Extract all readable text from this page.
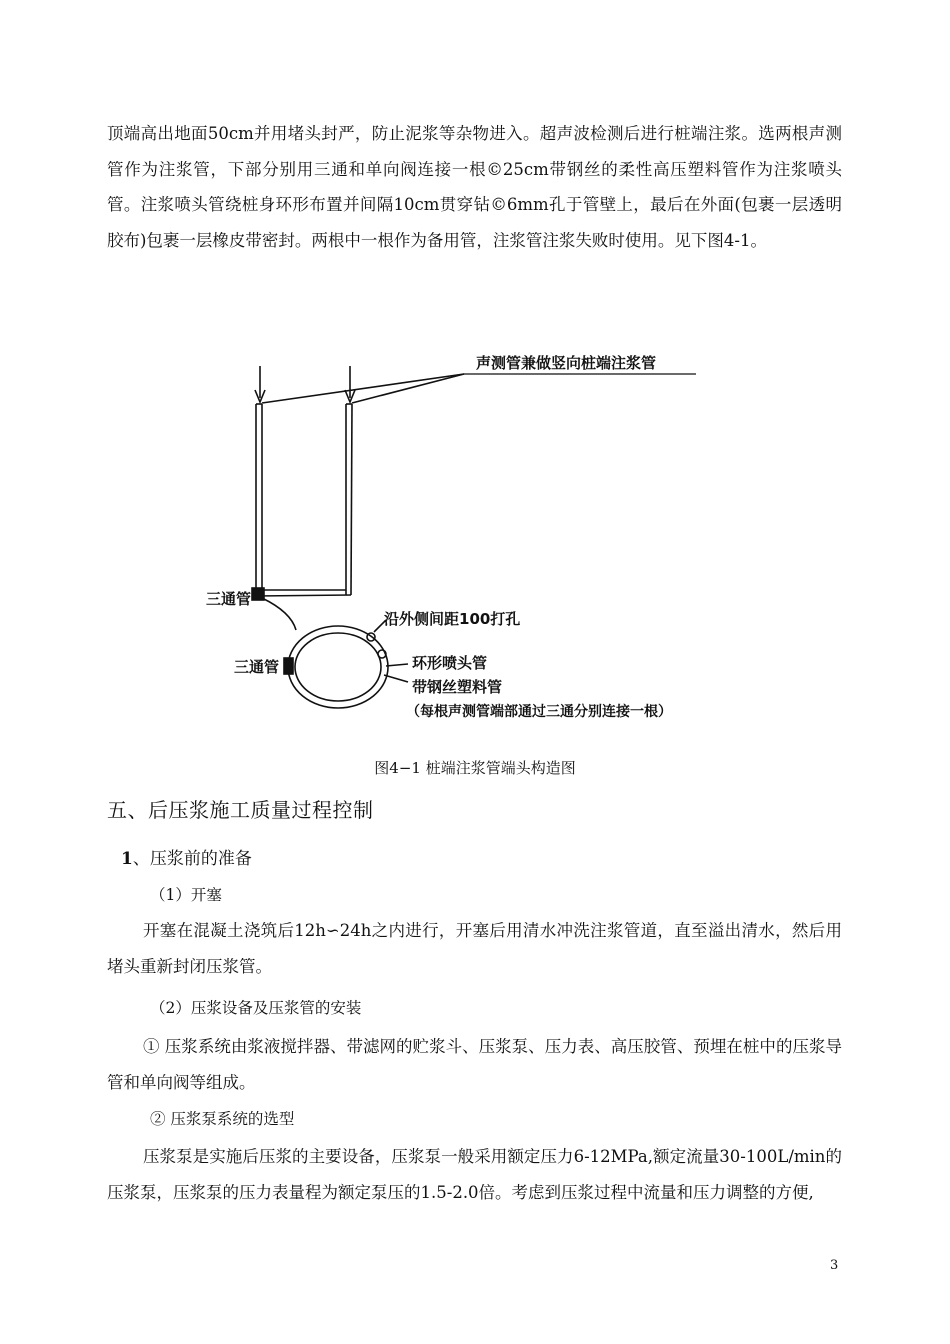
顶端高出地面50cm并用堵头封严，防止泥浆等杂物进入。超声波检测后进行桩端注浆。选两根声测管作为注浆管，下部分别用三通和单向阀连接一根©25cm带钢丝的柔性高压塑料管作为注浆喷头管。注浆喷头管绕桩身环形布置并间隔10cm贯穿钻©6mm孔于管壁上，最后在外面(包裹一层透明胶布)包裹一层橡皮带密封。两根中一根作为备用管，注浆管注浆失败时使用。见下图4-1。

声测管兼做竖向桩端注浆管
三通管
沿外侧间距100打孔
三通管	环形喷头管
带钢丝塑料管
（每根声测管端部通过三通分别连接一根）
图4−1 桩端注浆管端头构造图
五、后压浆施工质量过程控制
1、压浆前的准备
（1）开塞

开塞在混凝土浇筑后12h∽24h之内进行，开塞后用清水冲洗注浆管道，直至溢出清水，然后用堵头重新封闭压浆管。

（2）压浆设备及压浆管的安装

① 压浆系统由浆液搅拌器、带滤网的贮浆斗、压浆泵、压力表、高压胶管、预埋在桩中的压浆导管和单向阀等组成。

② 压浆泵系统的选型

压浆泵是实施后压浆的主要设备，压浆泵一般采用额定压力6-12MPa,额定流量30-100L/min的压浆泵，压浆泵的压力表量程为额定泵压的1.5-2.0倍。考虑到压浆过程中流量和压力调整的方便,

3
